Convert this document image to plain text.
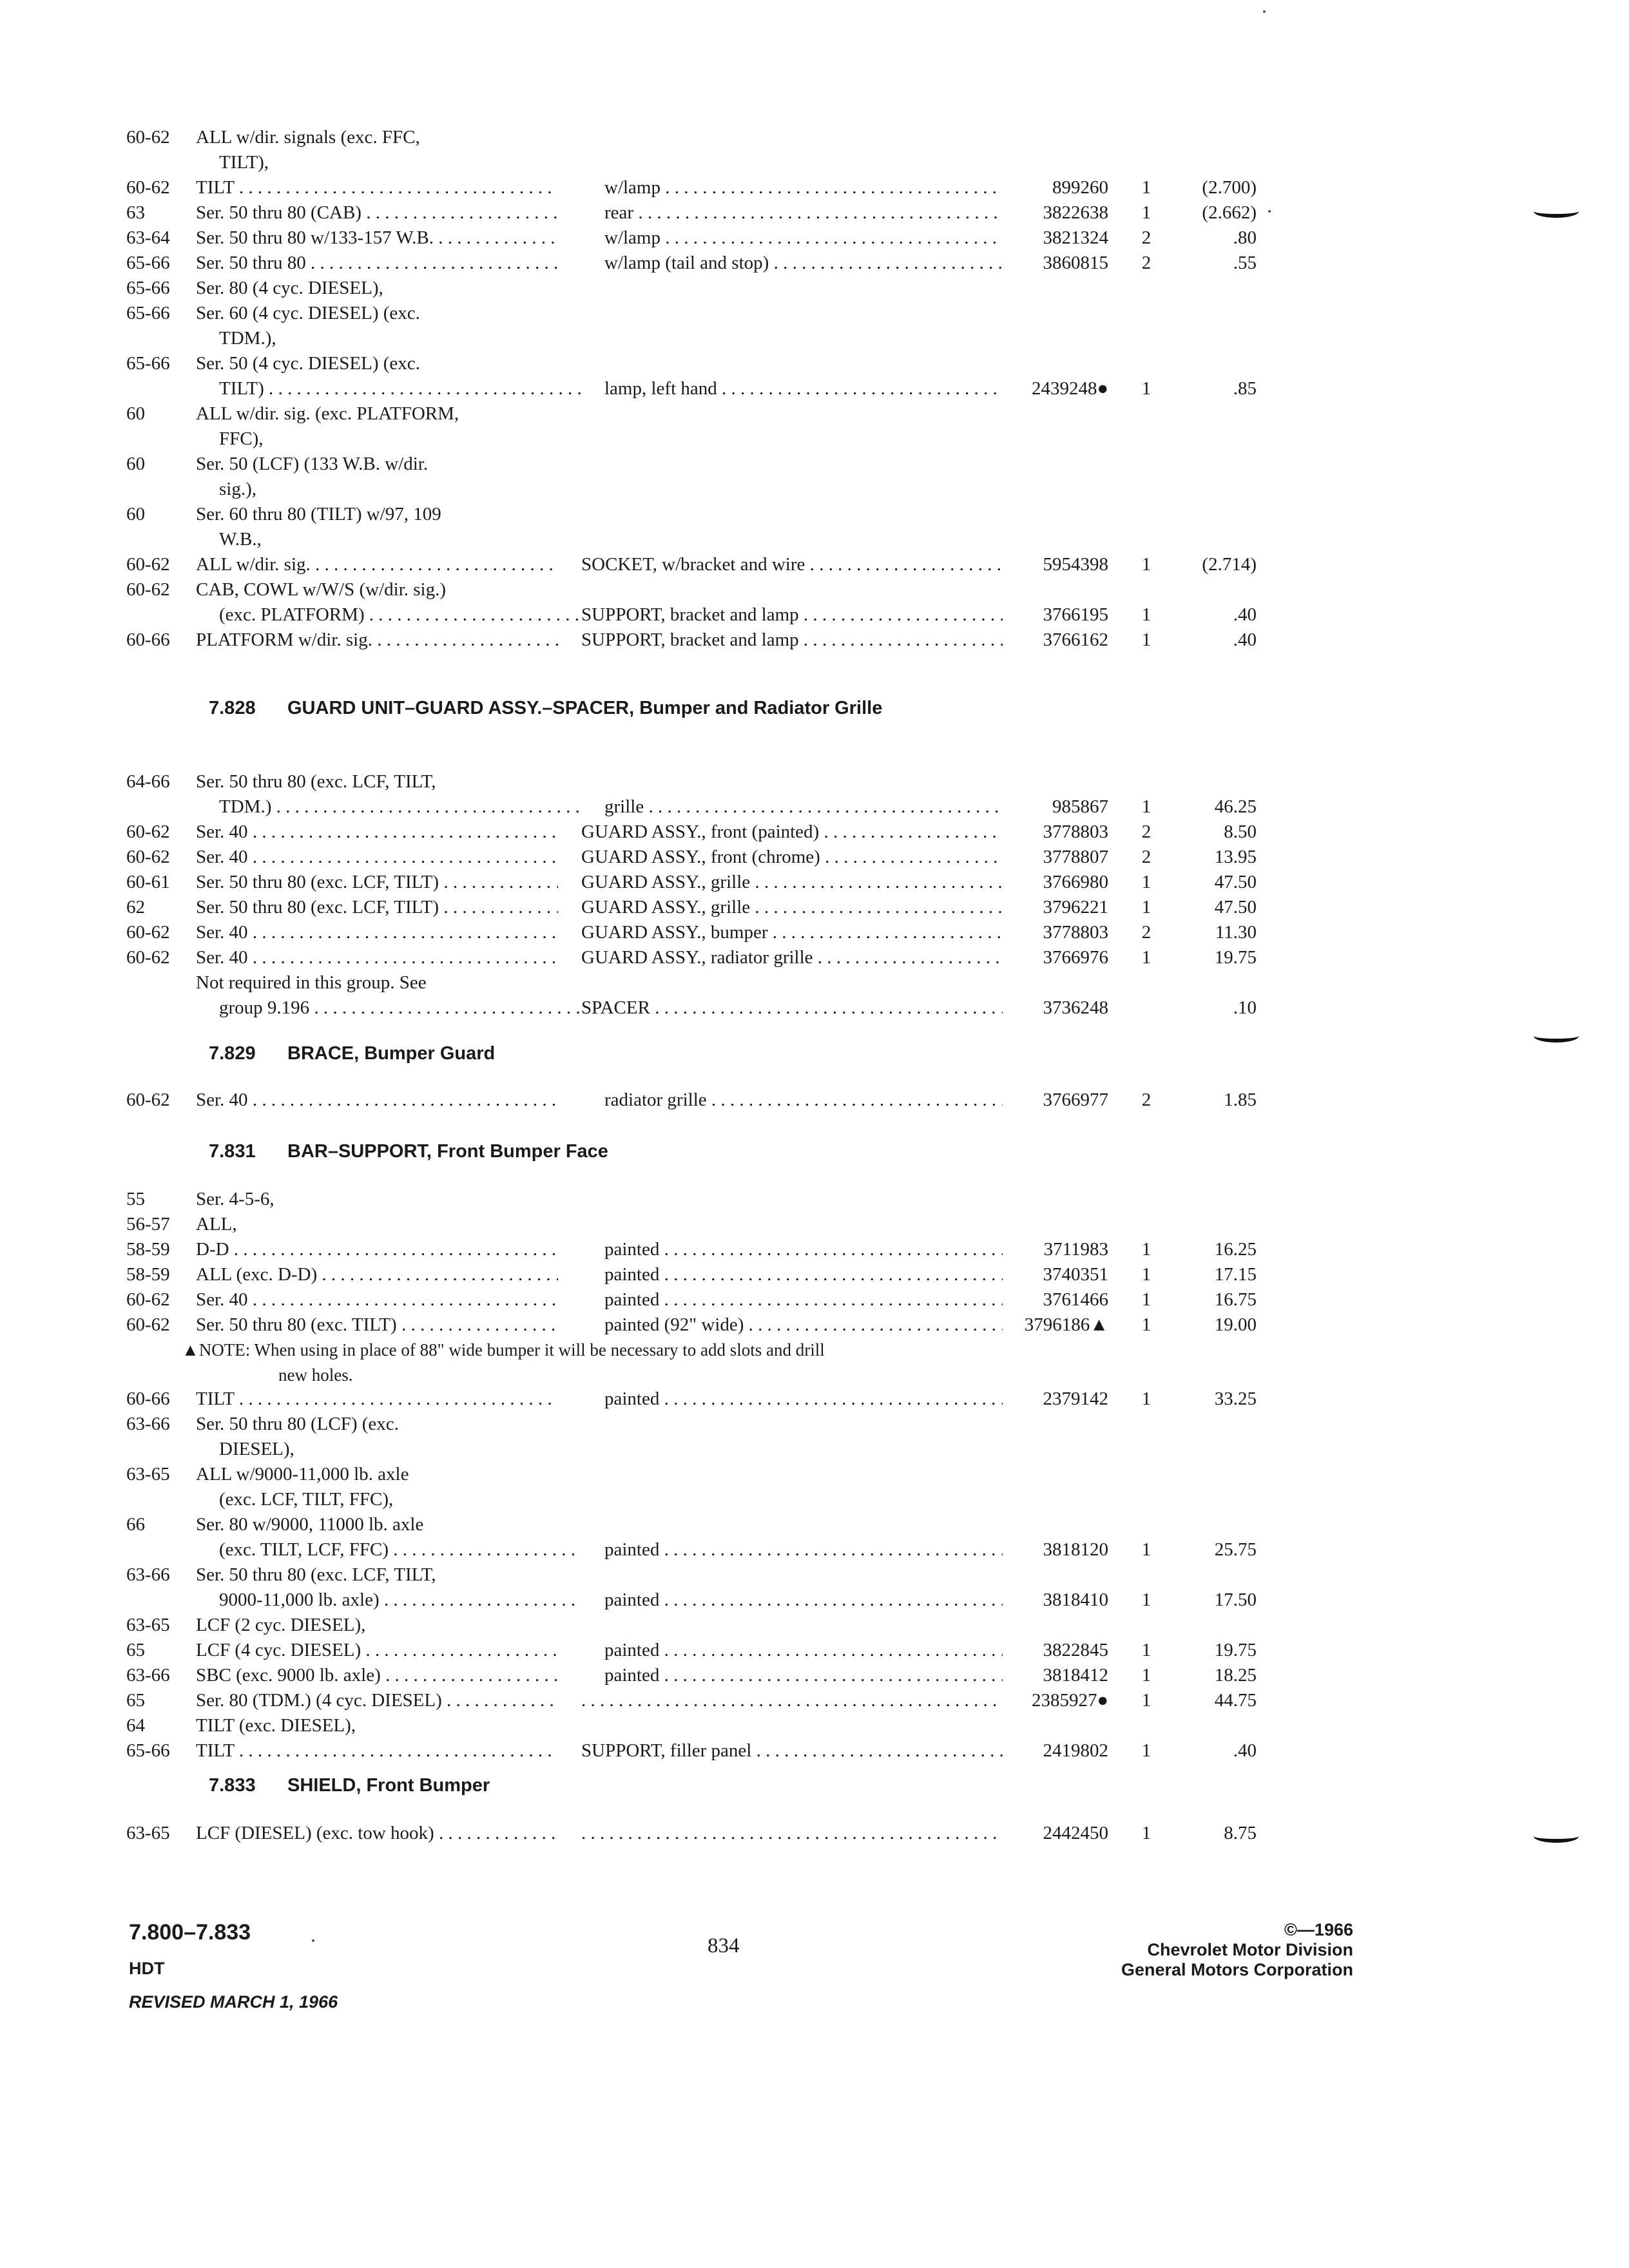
60-62 ALL w/dir. signals (exc. FFC,
TILT),
60-62 TILT . . .	w/lamp . . .	899260 1	(2.700)
63	Ser. 50 thru 80 (CAB) . . .	rear . . .	3822638 1	(2.662)
63-64 Ser. 50 thru 80 w/133-157 W.B. . . .	w/lamp . . .	3821324 2	.80
65-66 Ser. 50 thru 80 . . .	w/lamp (tail and stop) . . .	3860815 2	.55
65-66 Ser. 80 (4 cyc. DIESEL),
65-66 Ser. 60 (4 cyc. DIESEL) (exc.
TDM.),
65-66 Ser. 50 (4 cyc. DIESEL) (exc.
TILT) . . .	lamp, left hand . . .	2439248● 1	.85
60	ALL w/dir. sig. (exc. PLATFORM,
FFC),
60	Ser. 50 (LCF) (133 W.B. w/dir.
sig.),
60	Ser. 60 thru 80 (TILT) w/97, 109
W.B.,
60-62 ALL w/dir. sig. . . .	SOCKET, w/bracket and wire . . .	5954398 1	(2.714)
60-62 CAB, COWL w/W/S (w/dir. sig.)
(exc. PLATFORM) . . .	SUPPORT, bracket and lamp . . .	3766195 1	.40
60-66 PLATFORM w/dir. sig. . . .	SUPPORT, bracket and lamp . . .	3766162 1	.40
7.828 GUARD UNIT–GUARD ASSY.–SPACER, Bumper and Radiator Grille
64-66 Ser. 50 thru 80 (exc. LCF, TILT,
TDM.) . . .	grille . . .	985867 1	46.25
60-62 Ser. 40 . . .	GUARD ASSY., front (painted) . . .	3778803 2	8.50
60-62 Ser. 40 . . .	GUARD ASSY., front (chrome) . . .	3778807 2	13.95
60-61 Ser. 50 thru 80 (exc. LCF, TILT) . . .	GUARD ASSY., grille . . .	3766980 1	47.50
62	Ser. 50 thru 80 (exc. LCF, TILT) . . .	GUARD ASSY., grille . . .	3796221 1	47.50
60-62 Ser. 40 . . .	GUARD ASSY., bumper . . .	3778803 2	11.30
60-62 Ser. 40 . . .	GUARD ASSY., radiator grille . . .	3766976 1	19.75
Not required in this group. See
group 9.196 . . .	SPACER . . .	3736248	.10
7.829 BRACE, Bumper Guard
60-62 Ser. 40 . . .	radiator grille . . .	3766977 2	1.85
7.831 BAR–SUPPORT, Front Bumper Face
55	Ser. 4-5-6,
56-57 ALL,
58-59 D-D . . .	painted . . .	3711983 1	16.25
58-59 ALL (exc. D-D) . . .	painted . . .	3740351 1	17.15
60-62 Ser. 40 . . .	painted . . .	3761466 1	16.75
60-62 Ser. 50 thru 80 (exc. TILT) . . .	painted (92" wide) . . .	3796186▲ 1	19.00
▲NOTE: When using in place of 88" wide bumper it will be necessary to add slots and drill
new holes.
60-66 TILT . . .	painted . . .	2379142 1	33.25
63-66 Ser. 50 thru 80 (LCF) (exc.
DIESEL),
63-65 ALL w/9000-11,000 lb. axle
(exc. LCF, TILT, FFC),
66	Ser. 80 w/9000, 11000 lb. axle
(exc. TILT, LCF, FFC) . . .	painted . . .	3818120 1	25.75
63-66 Ser. 50 thru 80 (exc. LCF, TILT,
9000-11,000 lb. axle) . . .	painted . . .	3818410 1	17.50
63-65 LCF (2 cyc. DIESEL),
65	LCF (4 cyc. DIESEL) . . .	painted . . .	3822845 1	19.75
63-66 SBC (exc. 9000 lb. axle) . . .	painted . . .	3818412 1	18.25
65	Ser. 80 (TDM.) (4 cyc. DIESEL) . . . . . .	2385927● 1	44.75
64	TILT (exc. DIESEL),
65-66 TILT . . .	SUPPORT, filler panel . . .	2419802 1	.40
7.833 SHIELD, Front Bumper
63-65 LCF (DIESEL) (exc. tow hook) . . . . . .	2442450 1	8.75
7.800–7.833
HDT
REVISED MARCH 1, 1966
834
©—1966
Chevrolet Motor Division
General Motors Corporation
